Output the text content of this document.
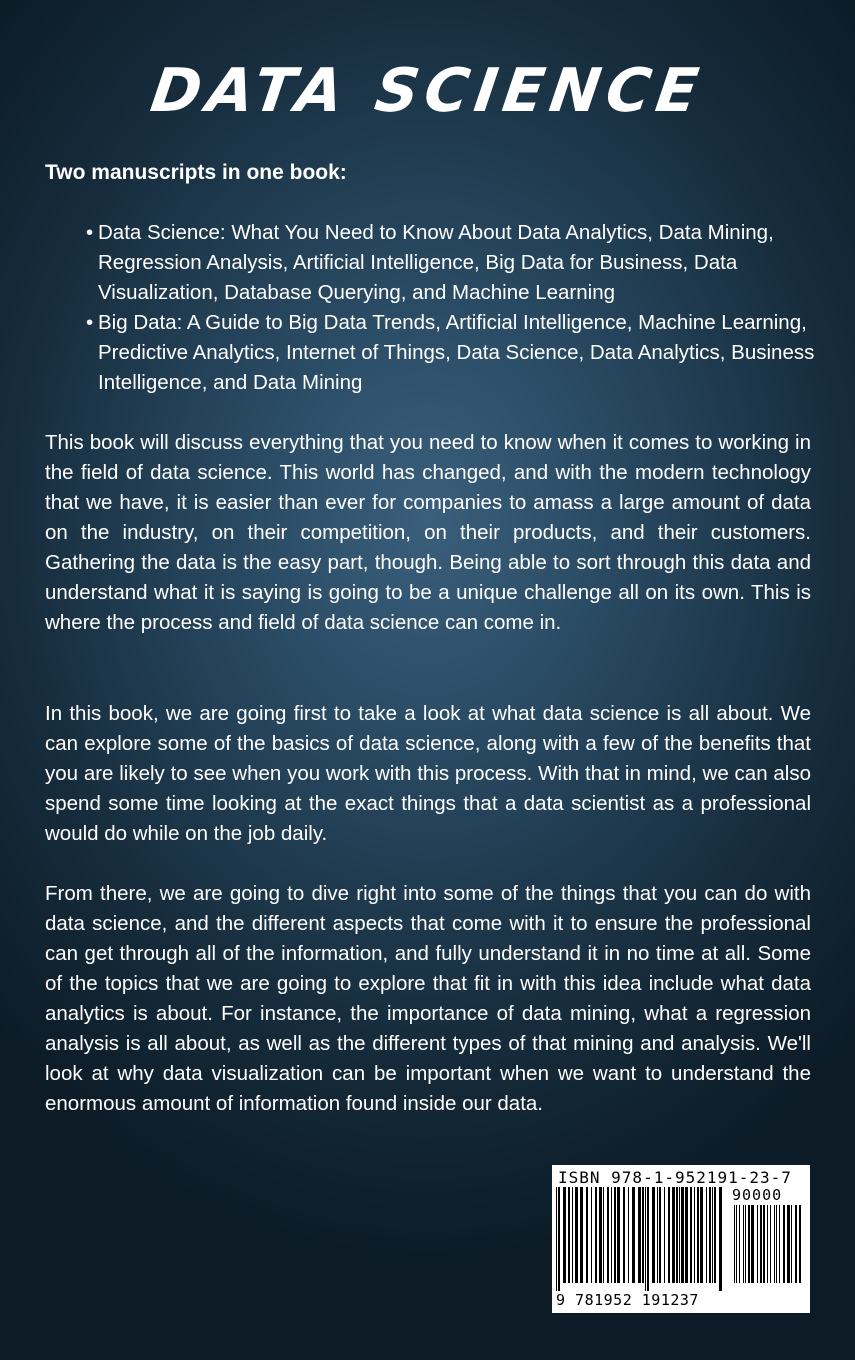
DATA SCIENCE
Two manuscripts in one book:
• Data Science: What You Need to Know About Data Analytics, Data Mining, Regression Analysis, Artificial Intelligence, Big Data for Business, Data Visualization, Database Querying, and Machine Learning
• Big Data: A Guide to Big Data Trends, Artificial Intelligence, Machine Learning, Predictive Analytics, Internet of Things, Data Science, Data Analytics, Business Intelligence, and Data Mining

This book will discuss everything that you need to know when it comes to working in the field of data science. This world has changed, and with the modern technology that we have, it is easier than ever for companies to amass a large amount of data on the industry, on their competition, on their products, and their customers. Gathering the data is the easy part, though. Being able to sort through this data and understand what it is saying is going to be a unique challenge all on its own. This is where the process and field of data science can come in.

In this book, we are going first to take a look at what data science is all about. We can explore some of the basics of data science, along with a few of the benefits that you are likely to see when you work with this process. With that in mind, we can also spend some time looking at the exact things that a data scientist as a professional would do while on the job daily.

From there, we are going to dive right into some of the things that you can do with data science, and the different aspects that come with it to ensure the professional can get through all of the information, and fully understand it in no time at all. Some of the topics that we are going to explore that fit in with this idea include what data analytics is about. For instance, the importance of data mining, what a regression analysis is all about, as well as the different types of that mining and analysis. We'll look at why data visualization can be important when we want to understand the enormous amount of information found inside our data.

ISBN 978-1-952191-23-7
90000
9 781952 191237
